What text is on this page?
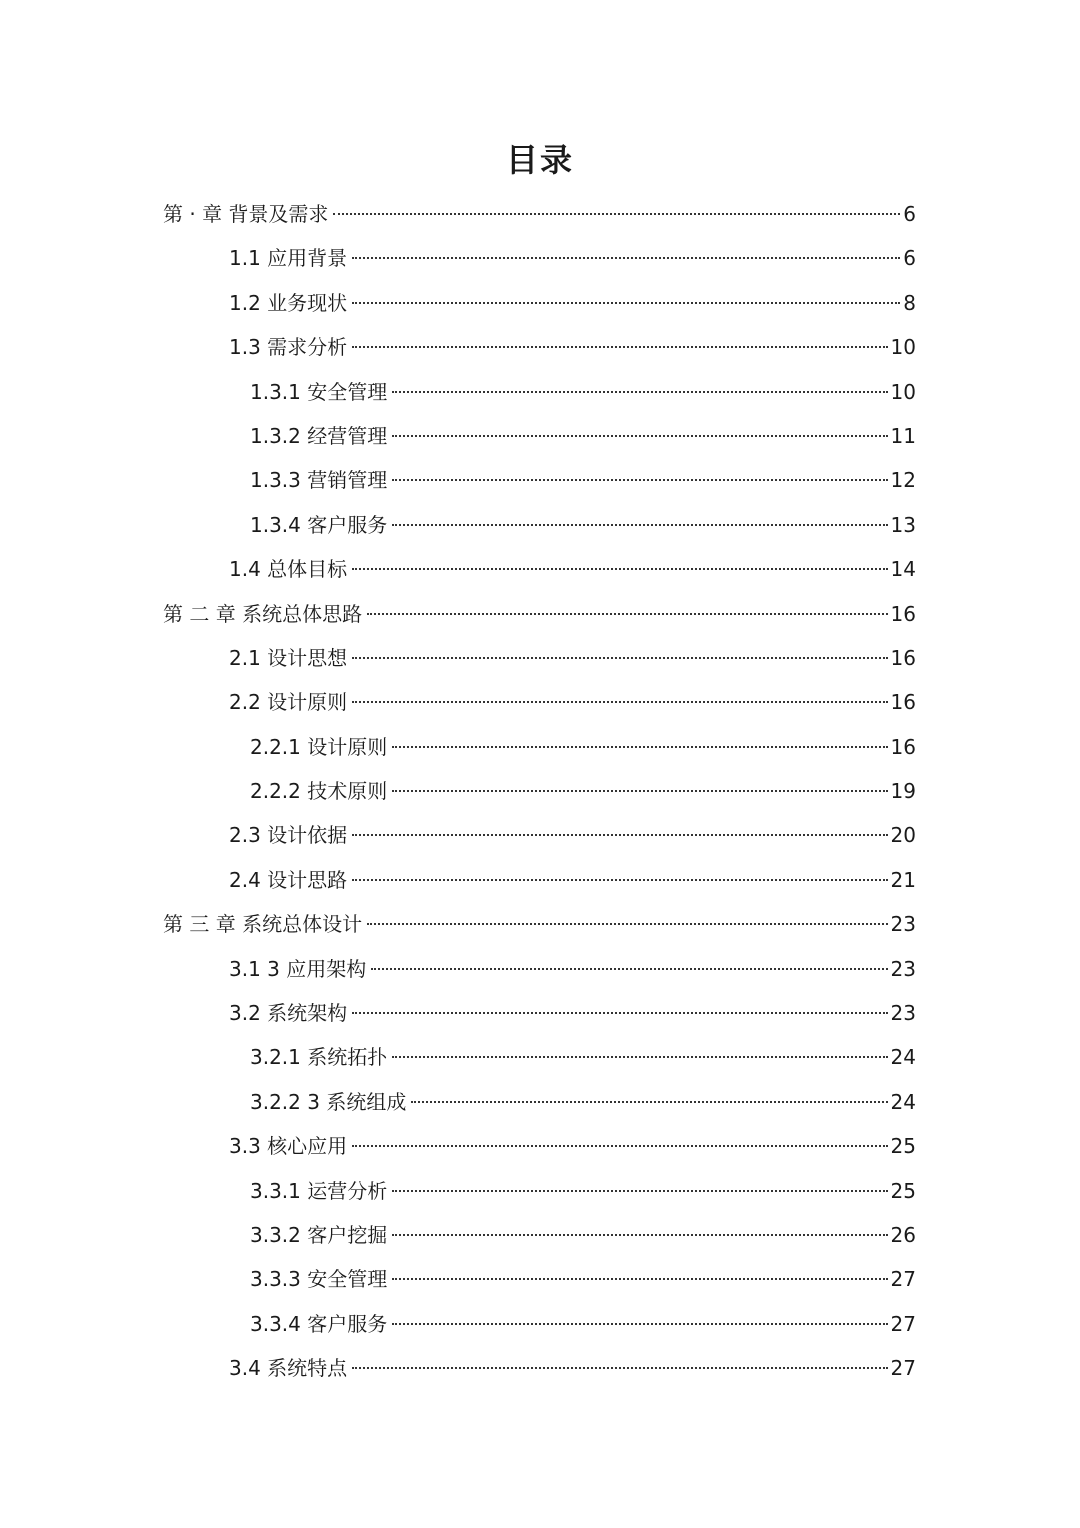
目录
第 · 章 背景及需求	6
1.1 应用背景	6
1.2 业务现状	8
1.3 需求分析	10
1.3.1 安全管理	10
1.3.2 经营管理	11
1.3.3 营销管理	12
1.3.4 客户服务	13
1.4 总体目标	14
第 二 章 系统总体思路	16
2.1 设计思想	16
2.2 设计原则	16
2.2.1 设计原则	16
2.2.2 技术原则	19
2.3 设计依据	20
2.4 设计思路	21
第 三 章 系统总体设计	23
3.1 3 应用架构	23
3.2 系统架构	23
3.2.1 系统拓扑	24
3.2.2 3 系统组成	24
3.3 核心应用	25
3.3.1 运营分析	25
3.3.2 客户挖掘	26
3.3.3 安全管理	27
3.3.4 客户服务	27
3.4 系统特点	27
